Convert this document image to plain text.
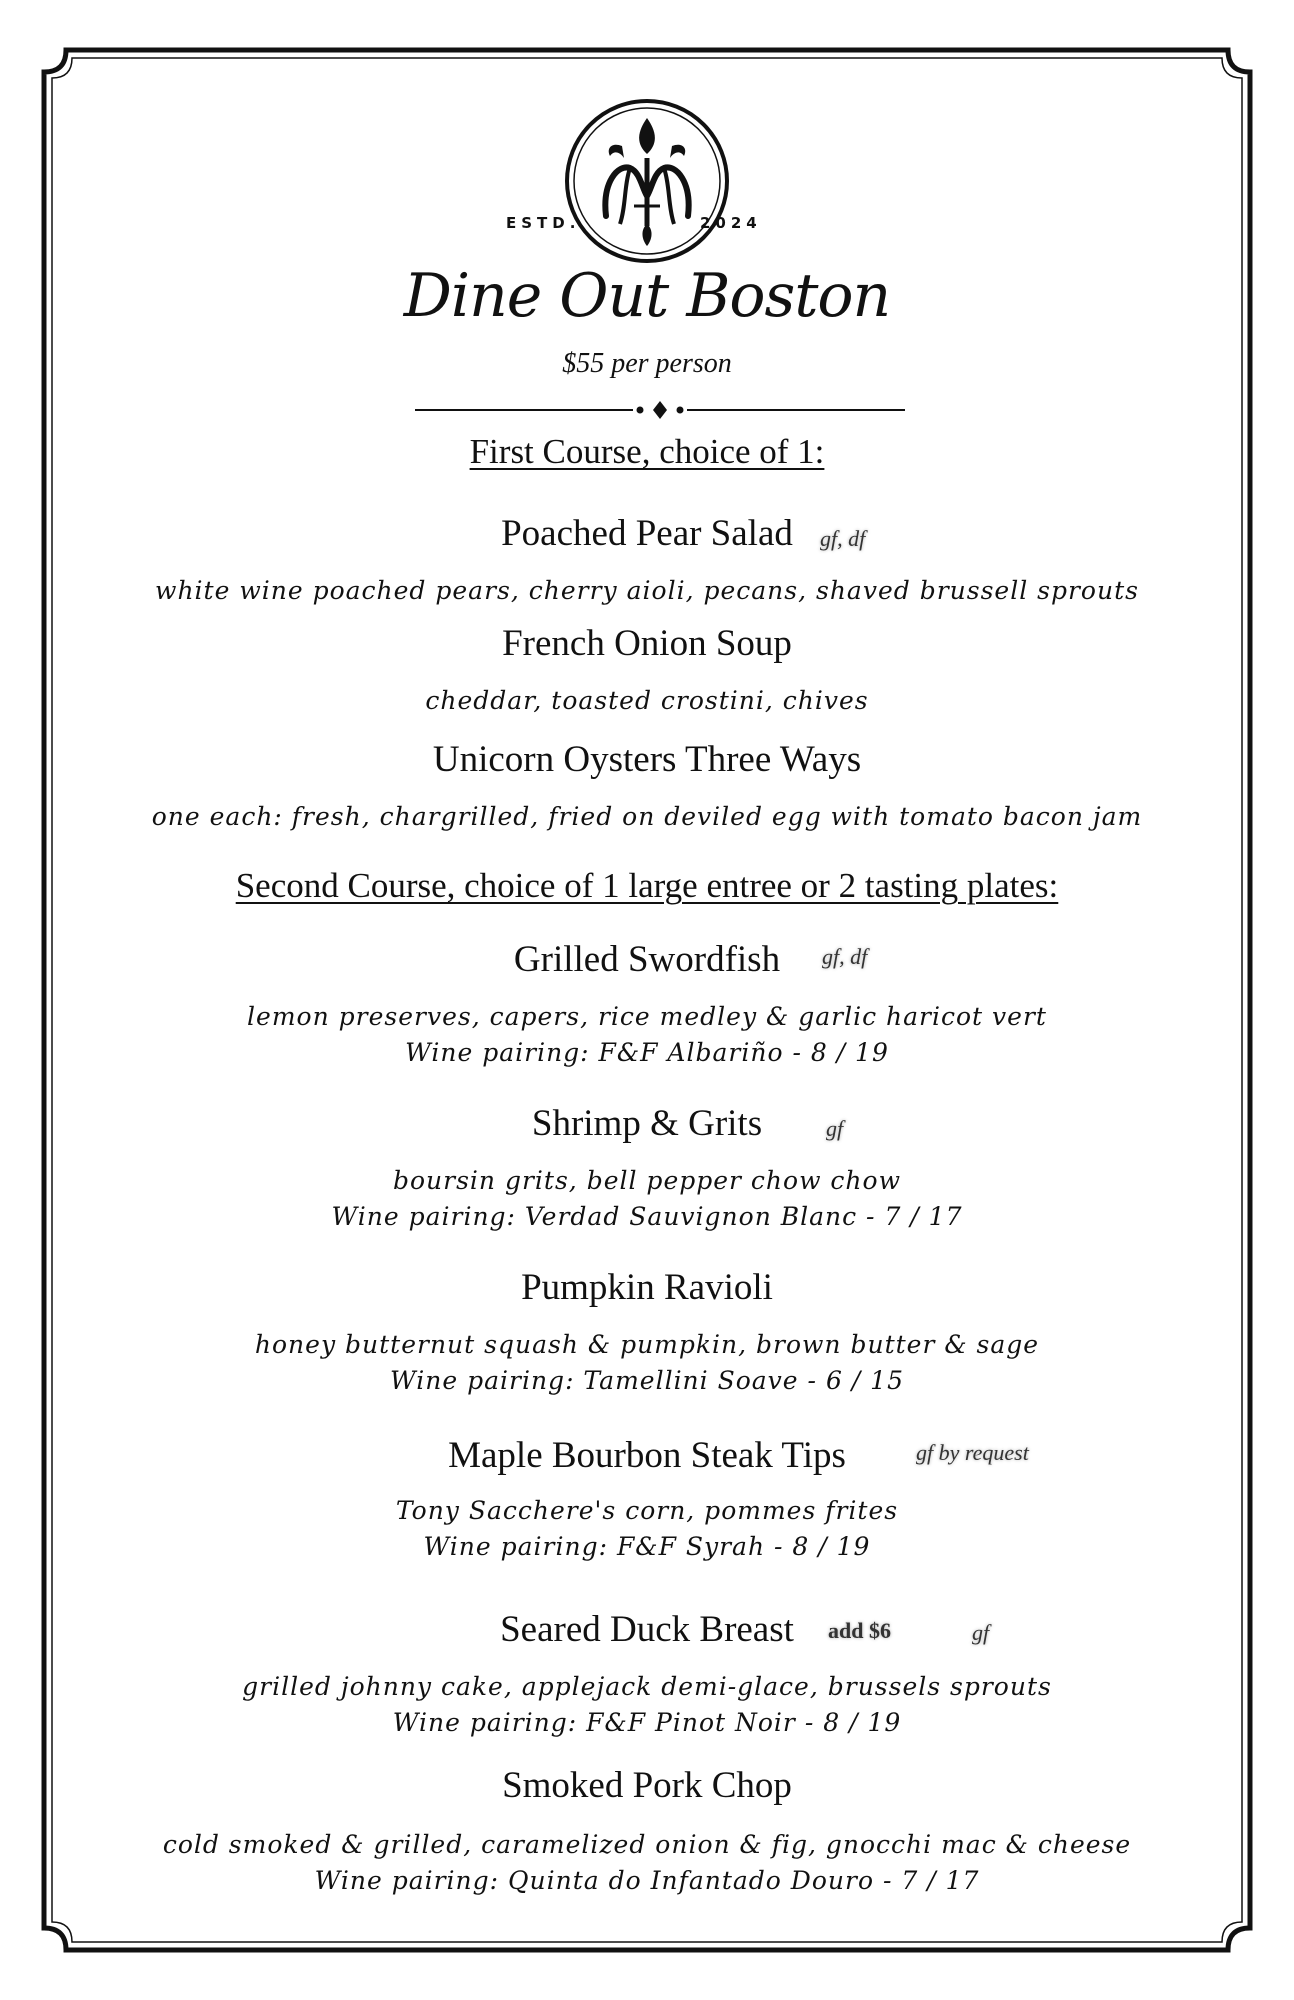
ESTD.	2024
Dine Out Boston
$55 per person
First Course, choice of 1:
Poached Pear Salad	gf, df
white wine poached pears, cherry aioli, pecans, shaved brussell sprouts
French Onion Soup
cheddar, toasted crostini, chives
Unicorn Oysters Three Ways
one each: fresh, chargrilled, fried on deviled egg with tomato bacon jam
Second Course, choice of 1 large entree or 2 tasting plates:
Grilled Swordfish	gf, df
lemon preserves, capers, rice medley & garlic haricot vert
Wine pairing: F&F Albariño - 8 / 19
Shrimp & Grits	gf
boursin grits, bell pepper chow chow
Wine pairing: Verdad Sauvignon Blanc - 7 / 17
Pumpkin Ravioli
honey butternut squash & pumpkin, brown butter & sage
Wine pairing: Tamellini Soave - 6 / 15
Maple Bourbon Steak Tips	gf by request
Tony Sacchere's corn, pommes frites
Wine pairing: F&F Syrah - 8 / 19
Seared Duck Breast	add $6	gf
grilled johnny cake, applejack demi-glace, brussels sprouts
Wine pairing: F&F Pinot Noir - 8 / 19
Smoked Pork Chop
cold smoked & grilled, caramelized onion & fig, gnocchi mac & cheese
Wine pairing: Quinta do Infantado Douro - 7 / 17
